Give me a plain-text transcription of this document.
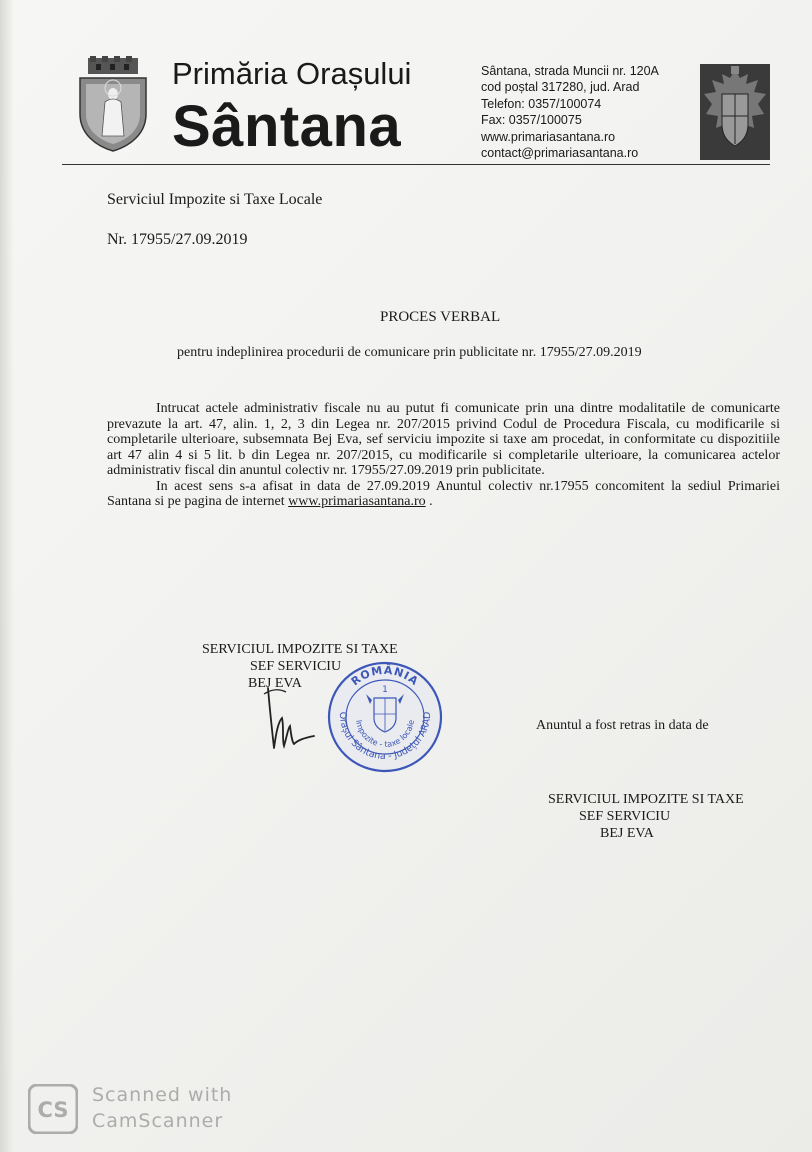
Primăria Orașului
Sântana
Sântana, strada Muncii nr. 120A
cod poștal 317280, jud. Arad
Telefon: 0357/100074
Fax: 0357/100075
www.primariasantana.ro
contact@primariasantana.ro
Serviciul Impozite si Taxe Locale
Nr. 17955/27.09.2019
PROCES VERBAL
pentru indeplinirea procedurii de comunicare prin publicitate nr. 17955/27.09.2019

Intrucat actele administrativ fiscale nu au putut fi comunicate prin una dintre modalitatile de comunicarte prevazute la art. 47, alin. 1, 2, 3 din Legea nr. 207/2015 privind Codul de Procedura Fiscala, cu modificarile si completarile ulterioare, subsemnata Bej Eva, sef serviciu impozite si taxe am procedat, in conformitate cu dispozitiile art 47 alin 4 si 5 lit. b din Legea nr. 207/2015, cu modificarile si completarile ulterioare, la comunicarea actelor administrativ fiscal din anuntul colectiv nr. 17955/27.09.2019 prin publicitate.

In acest sens s-a afisat in data de 27.09.2019 Anuntul colectiv nr.17955 concomitent la sediul Primariei Santana si pe pagina de internet www.primariasantana.ro .

SERVICIUL IMPOZITE SI TAXE
SEF SERVICIU
BEJ EVA	ROMÂNIA
Orașul Sântana - Județul ARAD
Impozite - taxe locale
1
Anuntul a fost retras in data de
SERVICIUL IMPOZITE SI TAXE
SEF SERVICIU
BEJ EVA
CS
Scanned with
CamScanner
